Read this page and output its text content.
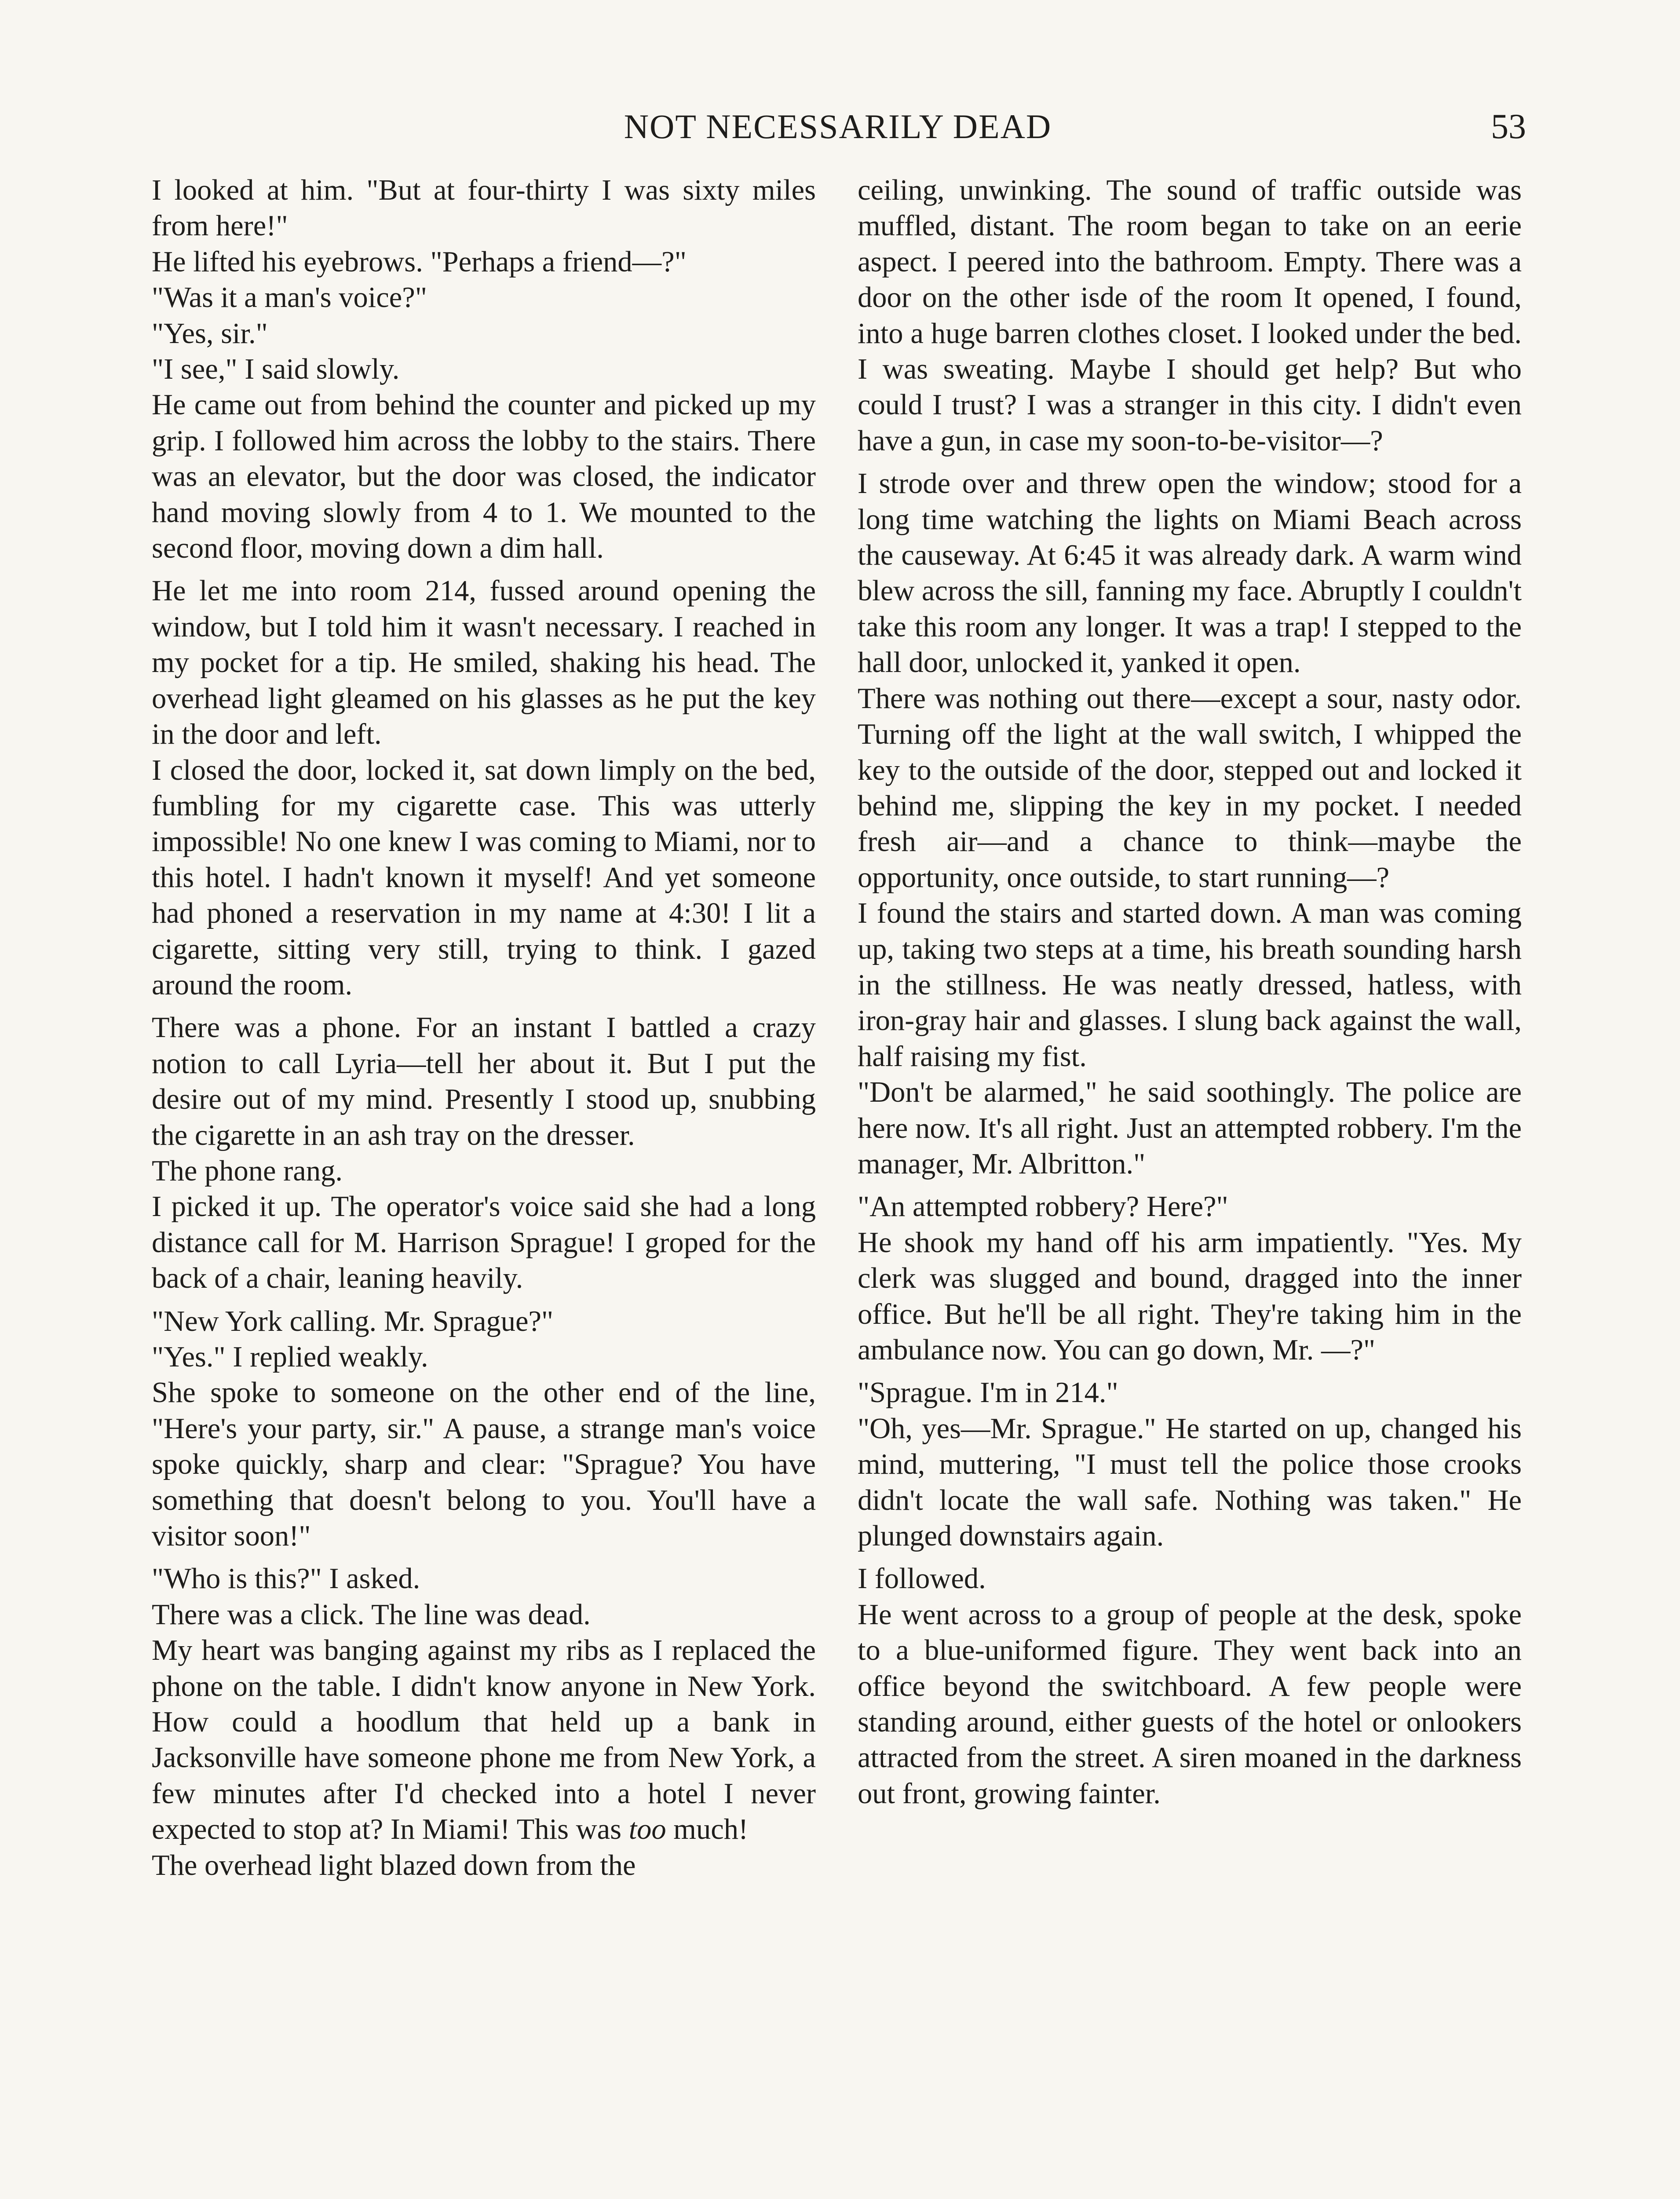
NOT NECESSARILY DEAD	53

I looked at him. "But at four-thirty I was sixty miles from here!"

He lifted his eyebrows. "Perhaps a friend—?"

"Was it a man's voice?"

"Yes, sir."

"I see," I said slowly.

He came out from behind the counter and picked up my grip. I followed him across the lobby to the stairs. There was an elevator, but the door was closed, the indicator hand moving slowly from 4 to 1. We mounted to the second floor, moving down a dim hall.

He let me into room 214, fussed around opening the window, but I told him it wasn't necessary. I reached in my pocket for a tip. He smiled, shaking his head. The overhead light gleamed on his glasses as he put the key in the door and left.

I closed the door, locked it, sat down limply on the bed, fumbling for my cigarette case. This was utterly impossible! No one knew I was coming to Miami, nor to this hotel. I hadn't known it myself! And yet someone had phoned a reservation in my name at 4:30! I lit a cigarette, sitting very still, trying to think. I gazed around the room.

There was a phone. For an instant I battled a crazy notion to call Lyria—tell her about it. But I put the desire out of my mind. Presently I stood up, snubbing the cigarette in an ash tray on the dresser.

The phone rang.

I picked it up. The operator's voice said she had a long distance call for M. Harrison Sprague! I groped for the back of a chair, leaning heavily.

"New York calling. Mr. Sprague?"

"Yes." I replied weakly.

She spoke to someone on the other end of the line, "Here's your party, sir." A pause, a strange man's voice spoke quickly, sharp and clear: "Sprague? You have something that doesn't belong to you. You'll have a visitor soon!"

"Who is this?" I asked.

There was a click. The line was dead.

My heart was banging against my ribs as I replaced the phone on the table. I didn't know anyone in New York. How could a hoodlum that held up a bank in Jacksonville have someone phone me from New York, a few minutes after I'd checked into a hotel I never expected to stop at? In Miami! This was too much!

The overhead light blazed down from the

ceiling, unwinking. The sound of traffic outside was muffled, distant. The room began to take on an eerie aspect. I peered into the bathroom. Empty. There was a door on the other isde of the room It opened, I found, into a huge barren clothes closet. I looked under the bed. I was sweating. Maybe I should get help? But who could I trust? I was a stranger in this city. I didn't even have a gun, in case my soon-to-be-visitor—?

I strode over and threw open the window; stood for a long time watching the lights on Miami Beach across the causeway. At 6:45 it was already dark. A warm wind blew across the sill, fanning my face. Abruptly I couldn't take this room any longer. It was a trap! I stepped to the hall door, unlocked it, yanked it open.

There was nothing out there—except a sour, nasty odor. Turning off the light at the wall switch, I whipped the key to the outside of the door, stepped out and locked it behind me, slipping the key in my pocket. I needed fresh air—and a chance to think—maybe the opportunity, once outside, to start running—?

I found the stairs and started down. A man was coming up, taking two steps at a time, his breath sounding harsh in the stillness. He was neatly dressed, hatless, with iron-gray hair and glasses. I slung back against the wall, half raising my fist.

"Don't be alarmed," he said soothingly. The police are here now. It's all right. Just an attempted robbery. I'm the manager, Mr. Albritton."

"An attempted robbery? Here?"

He shook my hand off his arm impatiently. "Yes. My clerk was slugged and bound, dragged into the inner office. But he'll be all right. They're taking him in the ambulance now. You can go down, Mr. —?"

"Sprague. I'm in 214."

"Oh, yes—Mr. Sprague." He started on up, changed his mind, muttering, "I must tell the police those crooks didn't locate the wall safe. Nothing was taken." He plunged downstairs again.

I followed.

He went across to a group of people at the desk, spoke to a blue-uniformed figure. They went back into an office beyond the switchboard. A few people were standing around, either guests of the hotel or onlookers attracted from the street. A siren moaned in the darkness out front, growing fainter.
